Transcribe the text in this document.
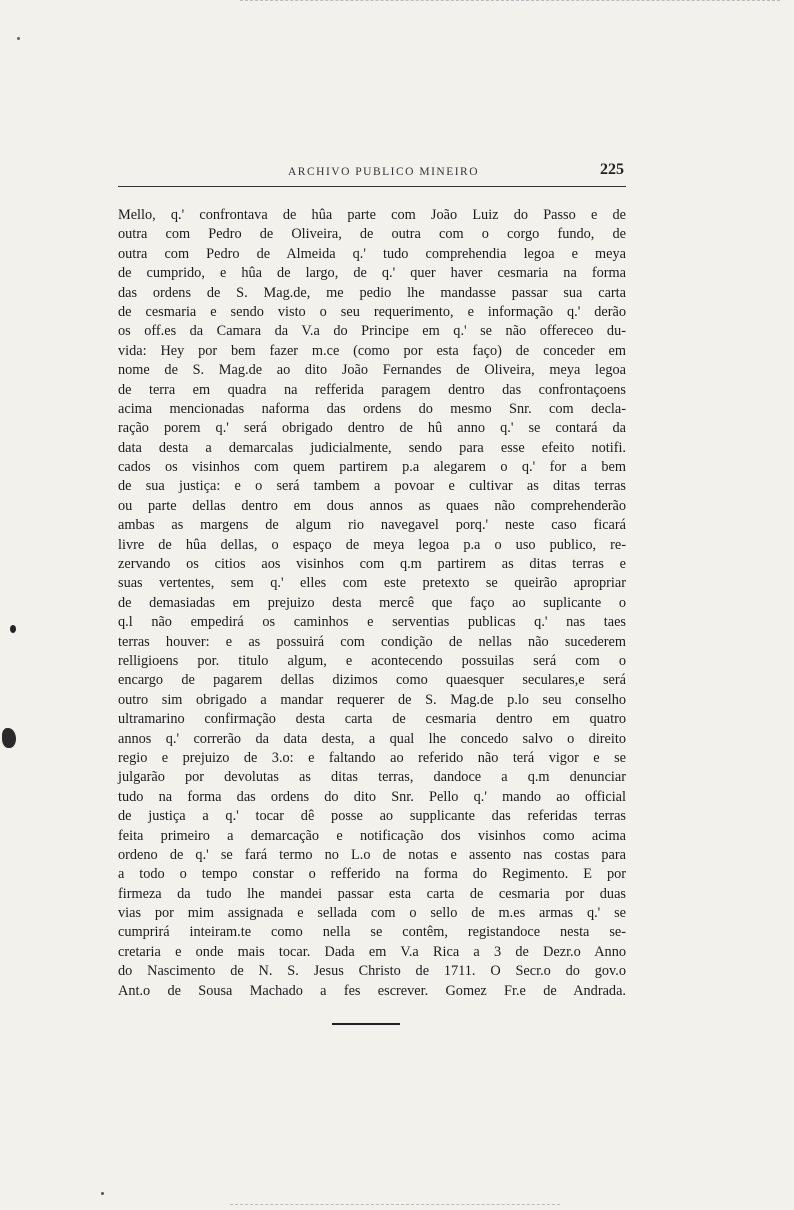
ARCHIVO PUBLICO MINEIRO	225
Mello, q.' confrontava de hûa parte com João Luiz do Passo e de
outra com Pedro de Oliveira, de outra com o corgo fundo, de
outra com Pedro de Almeida q.' tudo comprehendia legoa e meya
de cumprido, e hûa de largo, de q.' quer haver cesmaria na forma
das ordens de S. Mag.de, me pedio lhe mandasse passar sua carta
de cesmaria e sendo visto o seu requerimento, e informação q.' derão
os off.es da Camara da V.a do Principe em q.' se não offereceo du-
vida: Hey por bem fazer m.ce (como por esta faço) de conceder em
nome de S. Mag.de ao dito João Fernandes de Oliveira, meya legoa
de terra em quadra na refferida paragem dentro das confrontaçoens
acima mencionadas naforma das ordens do mesmo Snr. com decla-
ração porem q.' será obrigado dentro de hû anno q.' se contará da
data desta a demarcalas judicialmente, sendo para esse efeito notifi.
cados os visinhos com quem partirem p.a alegarem o q.' for a bem
de sua justiça: e o será tambem a povoar e cultivar as ditas terras
ou parte dellas dentro em dous annos as quaes não comprehenderão
ambas as margens de algum rio navegavel porq.' neste caso ficará
livre de hûa dellas, o espaço de meya legoa p.a o uso publico, re-
zervando os citios aos visinhos com q.m partirem as ditas terras e
suas vertentes, sem q.' elles com este pretexto se queirão apropriar
de demasiadas em prejuizo desta mercê que faço ao suplicante o
q.l não empedirá os caminhos e serventias publicas q.' nas taes
terras houver: e as possuirá com condição de nellas não sucederem
relligioens por. titulo algum, e acontecendo possuilas será com o
encargo de pagarem dellas dizimos como quaesquer seculares,e será
outro sim obrigado a mandar requerer de S. Mag.de p.lo seu conselho
ultramarino confirmação desta carta de cesmaria dentro em quatro
annos q.' correrão da data desta, a qual lhe concedo salvo o direito
regio e prejuizo de 3.o: e faltando ao referido não terá vigor e se
julgarão por devolutas as ditas terras, dandoce a q.m denunciar
tudo na forma das ordens do dito Snr. Pello q.' mando ao official
de justiça a q.' tocar dê posse ao supplicante das referidas terras
feita primeiro a demarcação e notificação dos visinhos como acima
ordeno de q.' se fará termo no L.o de notas e assento nas costas para
a todo o tempo constar o refferido na forma do Regimento. E por
firmeza da tudo lhe mandei passar esta carta de cesmaria por duas
vias por mim assignada e sellada com o sello de m.es armas q.' se
cumprirá inteiram.te como nella se contêm, registandoce nesta se-
cretaria e onde mais tocar. Dada em V.a Rica a 3 de Dezr.o Anno
do Nascimento de N. S. Jesus Christo de 1711. O Secr.o do gov.o
Ant.o de Sousa Machado a fes escrever. Gomez Fr.e de Andrada.
